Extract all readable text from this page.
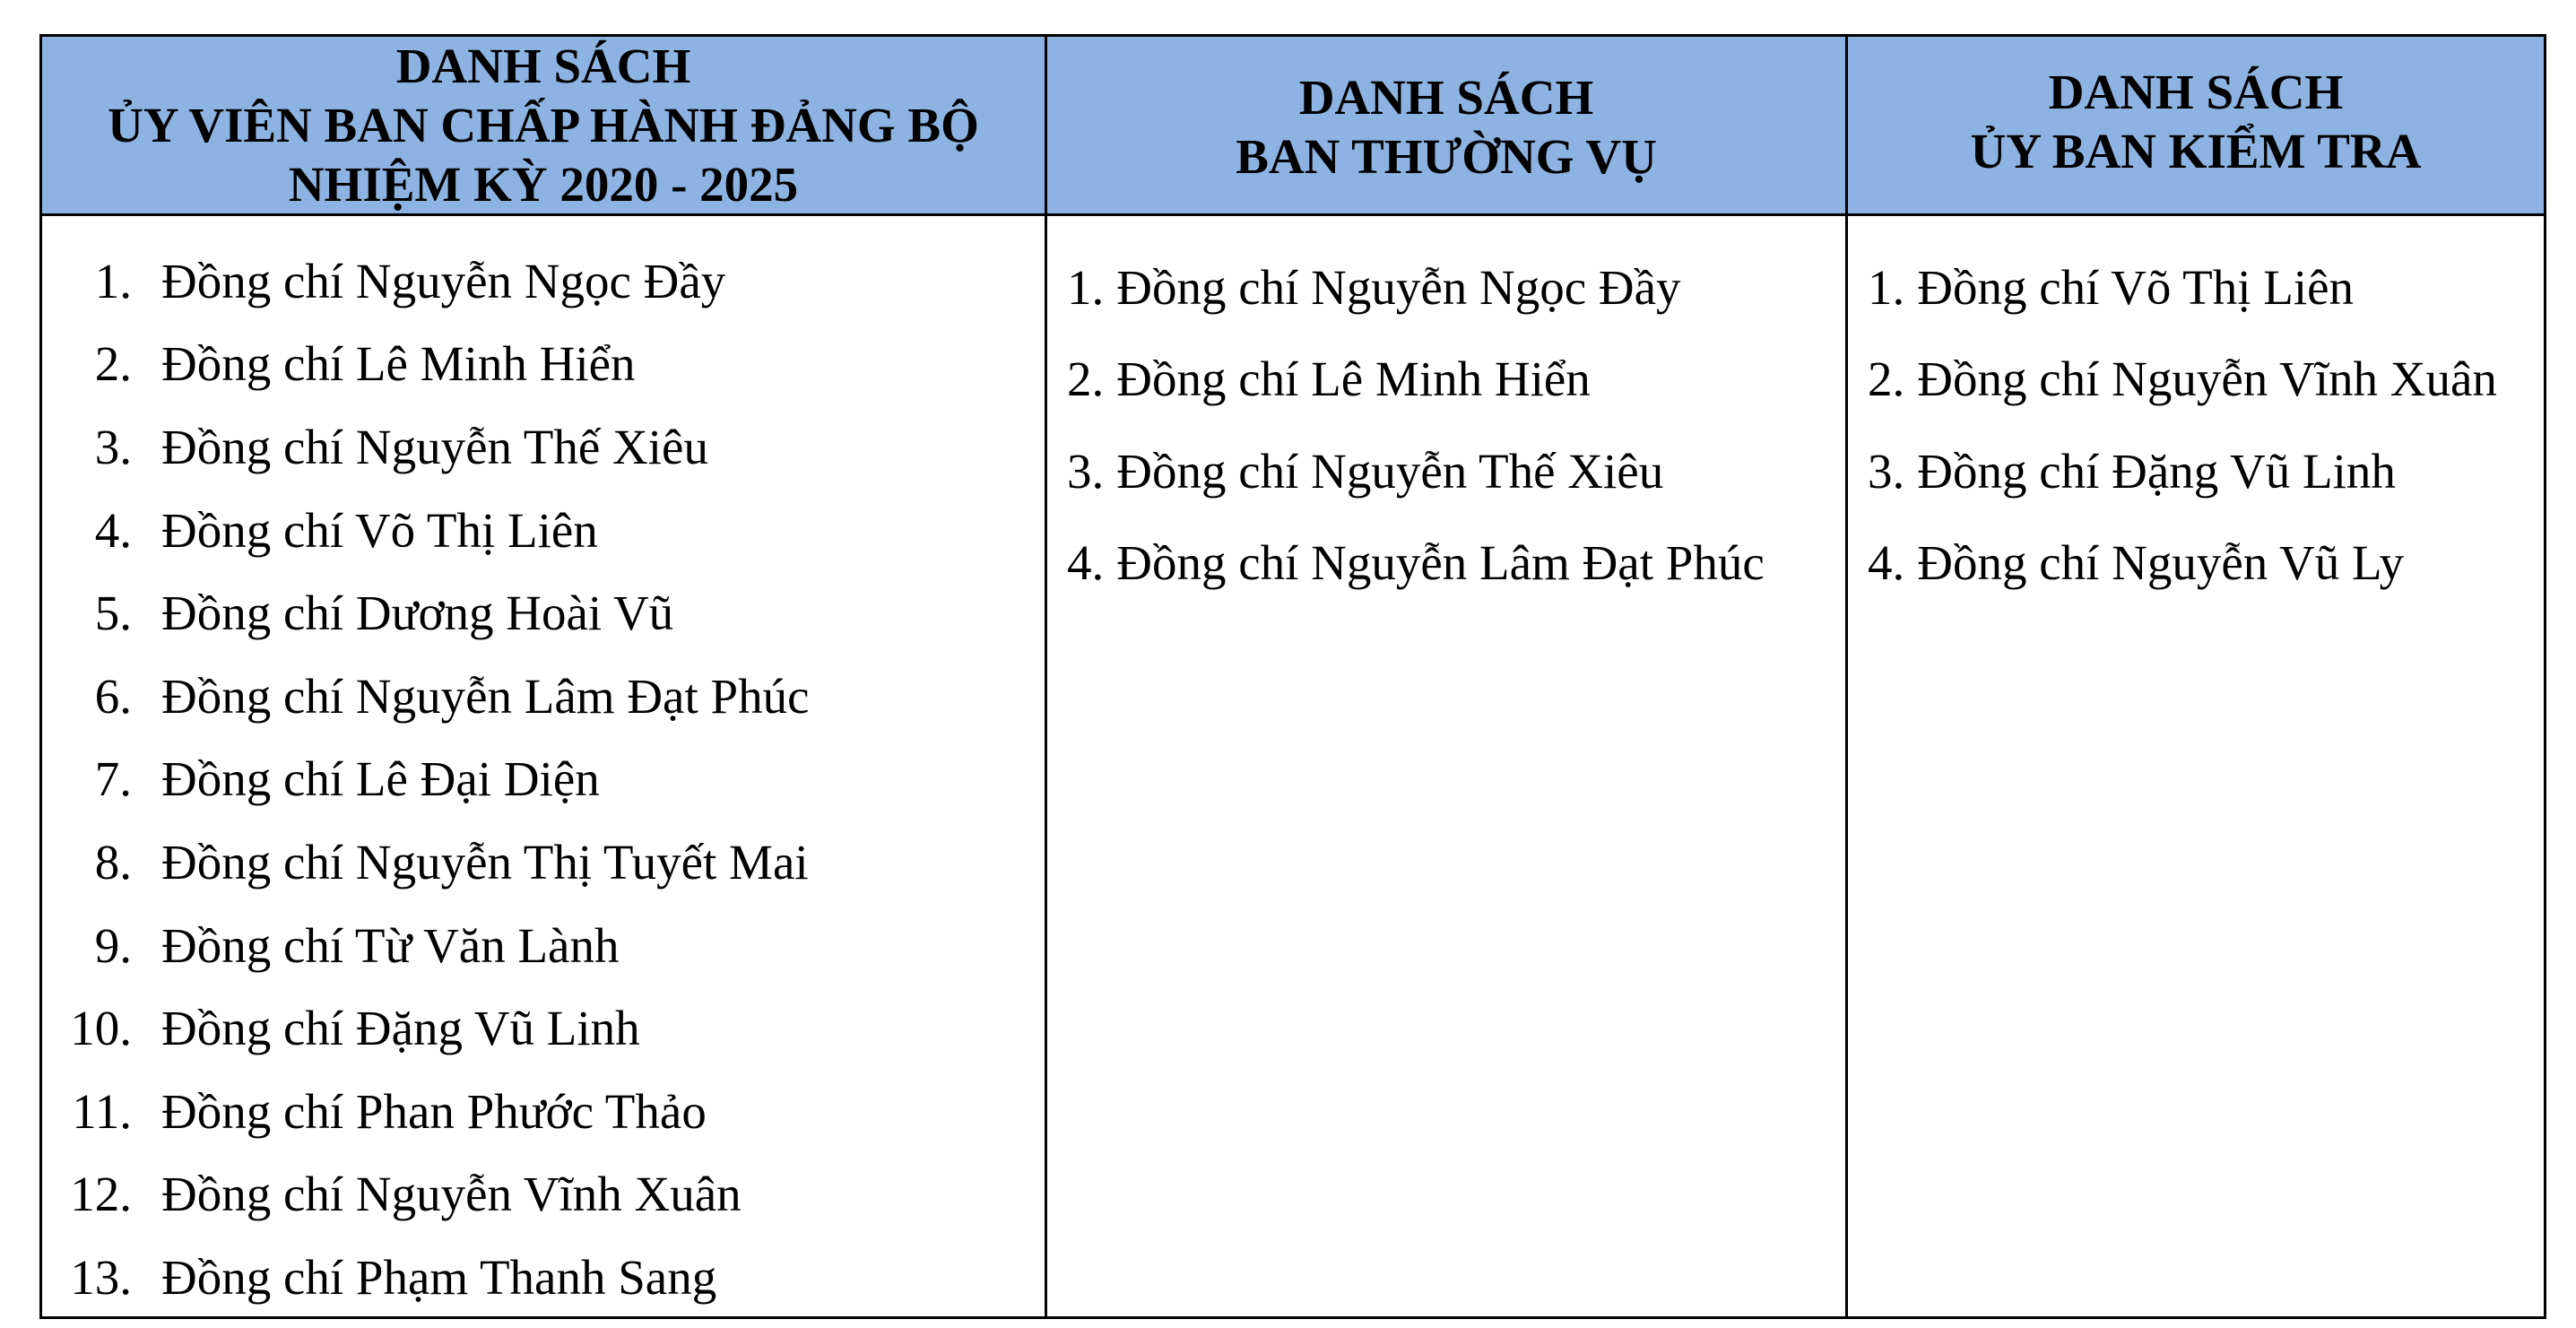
DANH SÁCH
ỦY VIÊN BAN CHẤP HÀNH ĐẢNG BỘ
NHIỆM KỲ 2020 - 2025
DANH SÁCH
BAN THƯỜNG VỤ
DANH SÁCH
ỦY BAN KIỂM TRA
1. Đồng chí Nguyễn Ngọc Đầy
2. Đồng chí Lê Minh Hiển
3. Đồng chí Nguyễn Thế Xiêu
4. Đồng chí Võ Thị Liên
5. Đồng chí Dương Hoài Vũ
6. Đồng chí Nguyễn Lâm Đạt Phúc
7. Đồng chí Lê Đại Diện
8. Đồng chí Nguyễn Thị Tuyết Mai
9. Đồng chí Từ Văn Lành
10. Đồng chí Đặng Vũ Linh
11. Đồng chí Phan Phước Thảo
12. Đồng chí Nguyễn Vĩnh Xuân
13. Đồng chí Phạm Thanh Sang
1. Đồng chí Nguyễn Ngọc Đầy
2. Đồng chí Lê Minh Hiển
3. Đồng chí Nguyễn Thế Xiêu
4. Đồng chí Nguyễn Lâm Đạt Phúc
1. Đồng chí Võ Thị Liên
2. Đồng chí Nguyễn Vĩnh Xuân
3. Đồng chí Đặng Vũ Linh
4. Đồng chí Nguyễn Vũ Ly
